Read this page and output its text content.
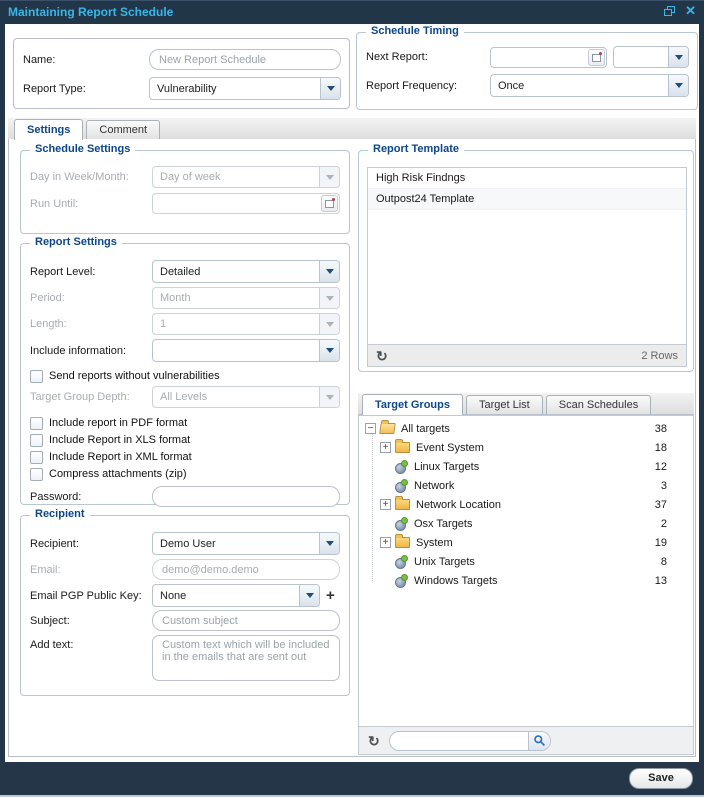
Maintaining Report Schedule	✕
Name:
New Report Schedule
Report Type:	Vulnerability
Schedule Timing
Next Report:
Report Frequency:	Once
Settings	Comment
Schedule Settings
Day in Week/Month:	Day of week
Run Until:
Report Settings
Report Level:	Detailed
Period:	Month
Length:	1
Include information:
Send reports without vulnerabilities
Target Group Depth:	All Levels
Include report in PDF format
Include Report in XLS format
Include Report in XML format
Compress attachments (zip)
Password:
Recipient
Recipient:	Demo User
Email:
demo@demo.demo
Email PGP Public Key:	None	+
Subject:
Custom subject
Add text:
Custom text which will be included in the emails that are sent out
Report Template
High Risk Findngs
Outpost24 Template
↻	2 Rows
Target Groups	Target List	Scan Schedules
−	All targets	38
+	Event System	18
Linux Targets	12
Network	3
+	Network Location	37
Osx Targets	2
+	System	19
Unix Targets	8
Windows Targets	13
↻
Save
